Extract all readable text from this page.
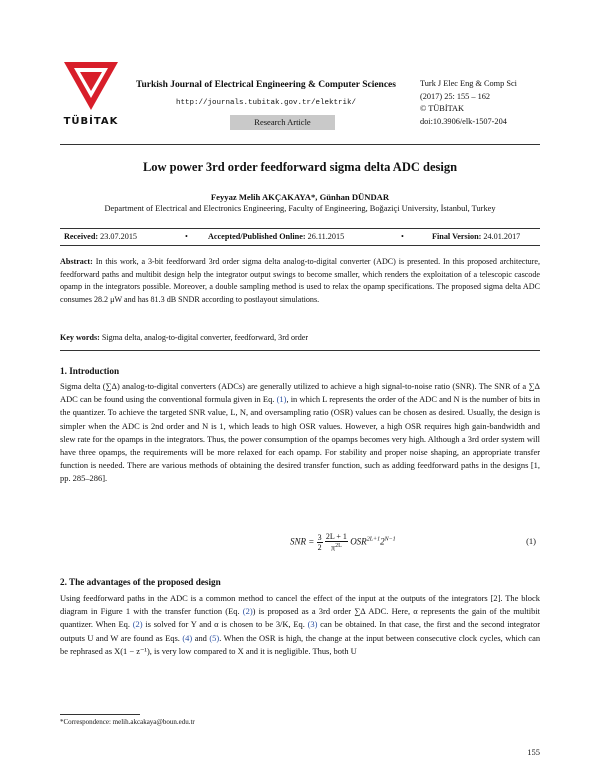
TÜBİTAK
Turkish Journal of Electrical Engineering & Computer Sciences
http://journals.tubitak.gov.tr/elektrik/
Research Article
Turk J Elec Eng & Comp Sci
(2017) 25: 155 – 162
© TÜBİTAK
doi:10.3906/elk-1507-204
Low power 3rd order feedforward sigma delta ADC design
Feyyaz Melih AKÇAKAYA*, Günhan DÜNDAR
Department of Electrical and Electronics Engineering, Faculty of Engineering, Boğaziçi University, İstanbul, Turkey
Received: 23.07.2015	• Accepted/Published Online: 26.11.2015	•	Final Version: 24.01.2017
Abstract: In this work, a 3-bit feedforward 3rd order sigma delta analog-to-digital converter (ADC) is presented. In this proposed architecture, feedforward paths and multibit design help the integrator output swings to become smaller, which renders the exploitation of a telescopic cascode opamp in the integrators possible. Moreover, a double sampling method is used to relax the opamp specifications. The proposed sigma delta ADC consumes 28.2 μW and has 81.3 dB SNDR according to postlayout simulations.
Key words: Sigma delta, analog-to-digital converter, feedforward, 3rd order
1. Introduction
Sigma delta (∑Δ) analog-to-digital converters (ADCs) are generally utilized to achieve a high signal-to-noise ratio (SNR). The SNR of a ∑Δ ADC can be found using the conventional formula given in Eq. (1), in which L represents the order of the ADC and N is the number of bits in the quantizer. To achieve the targeted SNR value, L, N, and oversampling ratio (OSR) values can be chosen as desired. Usually, the design is simpler when the ADC is 2nd order and N is 1, which leads to high OSR values. However, a high OSR requires high gain-bandwidth and slew rate for the opamps in the integrators. Thus, the power consumption of the opamps becomes very high. Although a 3rd order system will have three opamps, the requirements will be more relaxed for each opamp. For stability and proper noise shaping, an appropriate transfer function is needed. There are various methods of obtaining the desired transfer function, such as adding feedforward paths in the designs [1, pp. 285–286].
SNR = $\frac{3}{2}$
$\frac{2L + 1}{\pi^{2L}} OSR^{2L+1}2^{N-1}$	(1)
2. The advantages of the proposed design
Using feedforward paths in the ADC is a common method to cancel the effect of the input at the outputs of the integrators [2]. The block diagram in Figure 1 with the transfer function (Eq. (2)) is proposed as a 3rd order ∑Δ ADC. Here, α represents the gain of the multibit quantizer. When Eq. (2) is solved for Y and α is chosen to be 3/K, Eq. (3) can be obtained. In that case, the first and the second integrator outputs U and W are found as Eqs. (4) and (5). When the OSR is high, the change at the input between consecutive clock cycles, which can be rephrased as X(1 − z⁻¹), is very low compared to X and it is negligible. Thus, both U
*Correspondence: melih.akcakaya@boun.edu.tr
155
